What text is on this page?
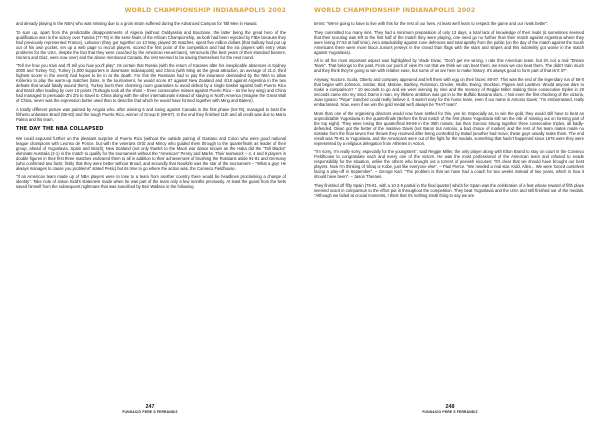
WORLD CHAMPIONSHIP INDIANAPOLIS 2002

and already playing in the NBA) who was missing due to a groin strain suffered during the Advanced Campus for Tall Men in Hawaii.

To sum up, apart from the predictable disappointments of Algeria (without Ouldyassia and Bouziane, the latter being the great hero of the qualification won in the victory over Tunisia (77-76) in the semi-finals of the African Championship, as both had been rejected by FIBA because they had previously represented France), Lebanon (they got together on 13 May, played 30 matches, spent five million dollars [that Salkaly had put up out of his own pocket, set up a web page to recruit players, scored the first point of the competition and had the six players with entry visas problems for the USA, despite the fact that they were coached by the American Heuermann), Venezuela (the best years of their standard bearers, Hurrera and Diaz, were now over) and the above mentioned Canada, the rest seemed to be saving themselves for the next round.

"Tell me how you train and I'll tell you how you'll play". Its certain that Russia (with the return of Karasev after his inexplicable absences in Sydney 2000 and Turkey '01), Turkey (1,000 supporters in downtown Indianapolis) and China (with Ming as the great attraction, an average of 21.0, third highest scorer in the event) had hopes to be in at the death. For this the Russians had to pay the insurance demanded by the NBA to allow Kirilenko to play the warm-up matches (later, in the tournament, he would score 67 against New Zealand and 4/18 against Argentina in the two defeats that would fatally wound them), Turkey burst their charming room guaranties to avoid defeat by a single basket against both Puerto Rico and Brazil after leading by over 10 points (Turkoglu took all the shots – three consecutive misses against Puerto Rico – as the key wing) and China had managed to persuade Zhi Zhi to travel to China along with the other internationals instead of staying in North America (Imagine the Great Wall of China, never was the expression better used than to describe that which he would have formed together with Ming and Batere).

A totally different picture was painted by Angola who, after winning 5 and losing against Canada in the first phase (84-76), managed to beat the hitherto unbeaten Brazil (86-83) and the tough Puerto Rico, winner of Group E (89-87). In the end they finished 11th and all credit was due to Mario Palma and his team.

THE DAY THE NBA COLLAPSED

We could expound further on the pleasant surprise of Puerto Rico (without the outside pairing of Gasiano and Colon who were good national league champions with Leonso de Ponce, but with the veterans Ortiz and Mincy who guided them through to the quarterfinals as leader of their group, ahead of Yugoslavia, Spain and Brazil), New Zealand (not only thanks to the Maori war dance known as the Haka did the "Tall Blacks" eliminate Australia (2-1) in the match to qualify for the tournament without the "American" Penny and Marks. Their teamwork – 4, 4 and 6 players in double figures in their first three matches endeared them to all in addition to their achievement of brushing the Russians aside 91-81 and Germany (who confirmed two facts; firstly that they were better without Broad, and secondly that Nowitzki was the star of the tournament – "What a guy! He always manages to cause you problems" stated Pesic) but its time to go where the action was, the Conseco Fieldhouse.

"If an American team made up of NBA players were to lose to a team from another country there would be headlines proclaiming a change of identity". Take note of Jason Kidd's statement made when he was part of the team only a few months previously. At least the guard from the Nets saved himself from the subsequent nightmare that was suscribed by Ben Wallace in the following

247
FUNDACIÓ PERE S FERRÁNDIZ
WORLD CHAMPIONSHIP INDIANAPOLIS 2002

terms: "We're going to have to live with this for the rest of our lives. At least we'll learn to respect the game and our rivals better".

They committed too many sins. They had a minimum preparation of only 13 days, a total lack of knowledge of their rivals (it sometimes seemed that their scouting was left to the first half of the match they were playing, one need go no further than their match against Argentina where they were losing 37-53 at half time), zero attackability against zone defences and total apathy from the public (on the day of the match against the South Americans there were more Boca Juniors jerseys in the crowd than flags with the stars and stripes and this indolently got worse in the match against Yugoslavia).

All in all the most important aspect was highlighted by Vlade Divac, "Don't get me wrong, I rate this American team, but it's not a real "Dream Team". That belongs to the past. From our point of view it's not that we think we can beat them, we know we can beat them. The didn't train much and they think they're going to win with relative ease, but some of us are here to make history. It's always good to form part of that isn't it?"

Anyway, Noctoni, Scola, Oberto and company appeared and left them with egg on their faces: 80-87. This was the end of the legendary run of 58-0 that began with Johnson, Jordan, Bird, Malone, Barkley, Robinson, Drexler, Mullin, Ewing, Stockton, Pippen and Laettner. Would anyone dare to make a comparison? " 10 seconds to go and we were winning by nine and the memory of Reggie Miller making three consecutive triples in 20 seconds came into my mind. Damn it man, my lifetime ambition was got in to the Buffalo Banana slam...! Not even the first checking of the victoria, Juan Ignacio "Pepe" Sanchez could really believe it. It wasn't easy for the home team, even if our name is Antonio Davis: "I'm embarrassed, really embarrassed. Now, even if we win the gold medal we'll always be THAT team".

More than one of the organising directors would now have settled for this, yes sir. Especially as, to win the gold, they would still have to beat an unpredictable Yugoslavia in the quarterfinals (Before the final match of the first phase Yugoslavia still ran the risk of missing out on forming part of the top eight). They were losing this quarterfinal 69-59 in the 35th minute, but then Gurovic strung together three consecutive triples, all badly-defended, Divac got the better of the massive Davis (not Baron but Antonio, a bad choice of marker) and the rest of his team mates made no mistake from the final seven free throws they received after being controlled by Bolad (another bad move, these guys usually make them. The end result was 78-81 to Yugoslavia, and the Americans were out of the fight for the medals, something that hadn't happened since 1978 were they were represented by a religious delegation from Athletes in Action.

"I'm sorry, I'm really sorry, especially for the youngsters", said Reggie Miller, the only player along with Elton Brand to stay on court in the Conseco Fieldhouse to congratulate each and every one of the victors. He was the most professional of the American team and refused to evade responsibility for the situation, unlike the others who brought out a torrent of peevish excuses: "It's clear that we should have brought our best players. Now I'm thinking of Shaq or Kobe, just like everyone else". – Paul Pierce. "We needed a real star. Kidd, Allen... We were forced ourselves facing a play-off in September". – George Karl. "The problem is that we have had a coach for two weeks instead of two years, which is how it should have been". – Jason Theraes.

They finished off fifty Spain (75-81, with a 10-2-5 partial in the final quarter) which for Spain was the celebration of a feat whose reward of fifth place seemed scant in comparison to the effort put in throughout the competition. They beat Yugoslavia and the USA and still finished out of the medals. "Although we failed at crucial moments, I think that it's nothing small thing to say we are

248
FUNDACIÓ PERE S FERRÁNDIZ
